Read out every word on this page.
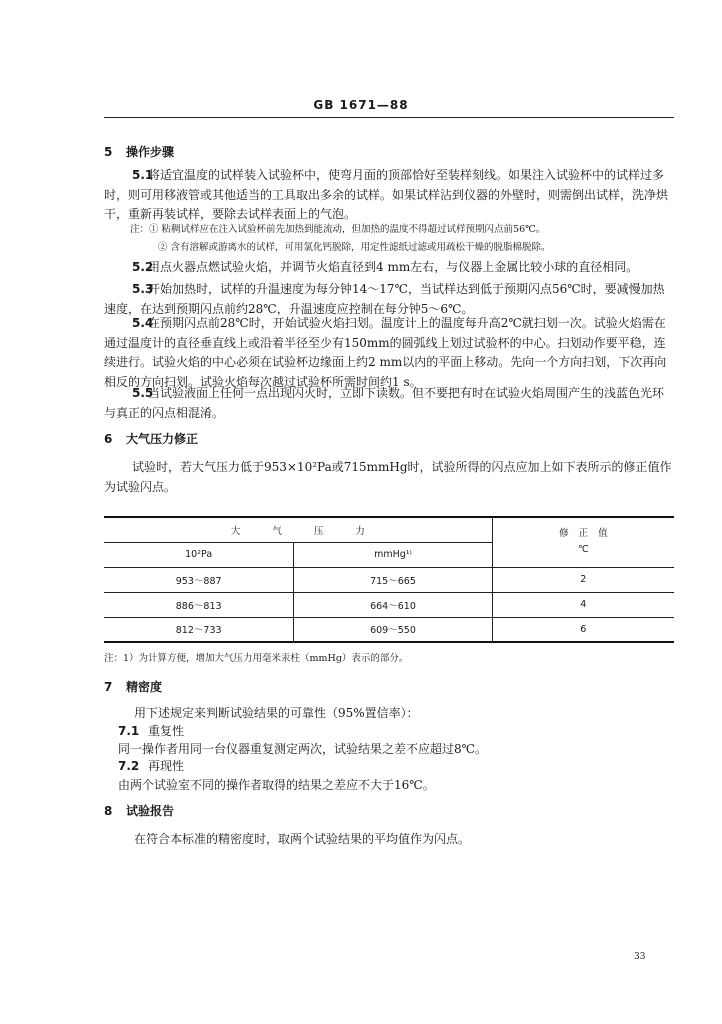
GB 1671—88
5 操作步骤
5.1将适宜温度的试样装入试验杯中，使弯月面的顶部恰好至装样刻线。如果注入试验杯中的试样过多时，则可用移液管或其他适当的工具取出多余的试样。如果试样沾到仪器的外壁时，则需倒出试样，洗净烘干，重新再装试样，要除去试样表面上的气泡。
注：① 粘稠试样应在注入试验杯前先加热到能流动，但加热的温度不得超过试样预期闪点前56℃。
② 含有溶解或游离水的试样，可用氯化钙脱除，用定性滤纸过滤或用疏松干燥的脱脂棉脱除。
5.2用点火器点燃试验火焰，并调节火焰直径到4 mm左右，与仪器上金属比较小球的直径相同。
5.3开始加热时，试样的升温速度为每分钟14～17℃，当试样达到低于预期闪点56℃时，要减慢加热速度，在达到预期闪点前约28℃，升温速度应控制在每分钟5～6℃。
5.4在预期闪点前28℃时，开始试验火焰扫划。温度计上的温度每升高2℃就扫划一次。试验火焰需在通过温度计的直径垂直线上或沿着半径至少有150mm的圆弧线上划过试验杯的中心。扫划动作要平稳，连续进行。试验火焰的中心必须在试验杯边缘面上约2 mm以内的平面上移动。先向一个方向扫划，下次再向相反的方向扫划。试验火焰每次越过试验杯所需时间约1 s。
5.5当试验液面上任何一点出现闪火时，立即下读数。但不要把有时在试验火焰周围产生的浅蓝色光环与真正的闪点相混淆。
6 大气压力修正
试验时，若大气压力低于953×10²Pa或715mmHg时，试验所得的闪点应加上如下表所示的修正值作为试验闪点。
大气压力		修正值
℃

10²Pa	mmHg¹⁾	
953～887	715～665	2
886～813	664～610	4
812～733	609～550	6
注：1）为计算方便，增加大气压力用毫米汞柱（mmHg）表示的部分。
7 精密度
用下述规定来判断试验结果的可靠性（95%置信率）：
7.1 重复性
同一操作者用同一台仪器重复测定两次，试验结果之差不应超过8℃。
7.2 再现性
由两个试验室不同的操作者取得的结果之差应不大于16℃。
8 试验报告
在符合本标准的精密度时，取两个试验结果的平均值作为闪点。
33
